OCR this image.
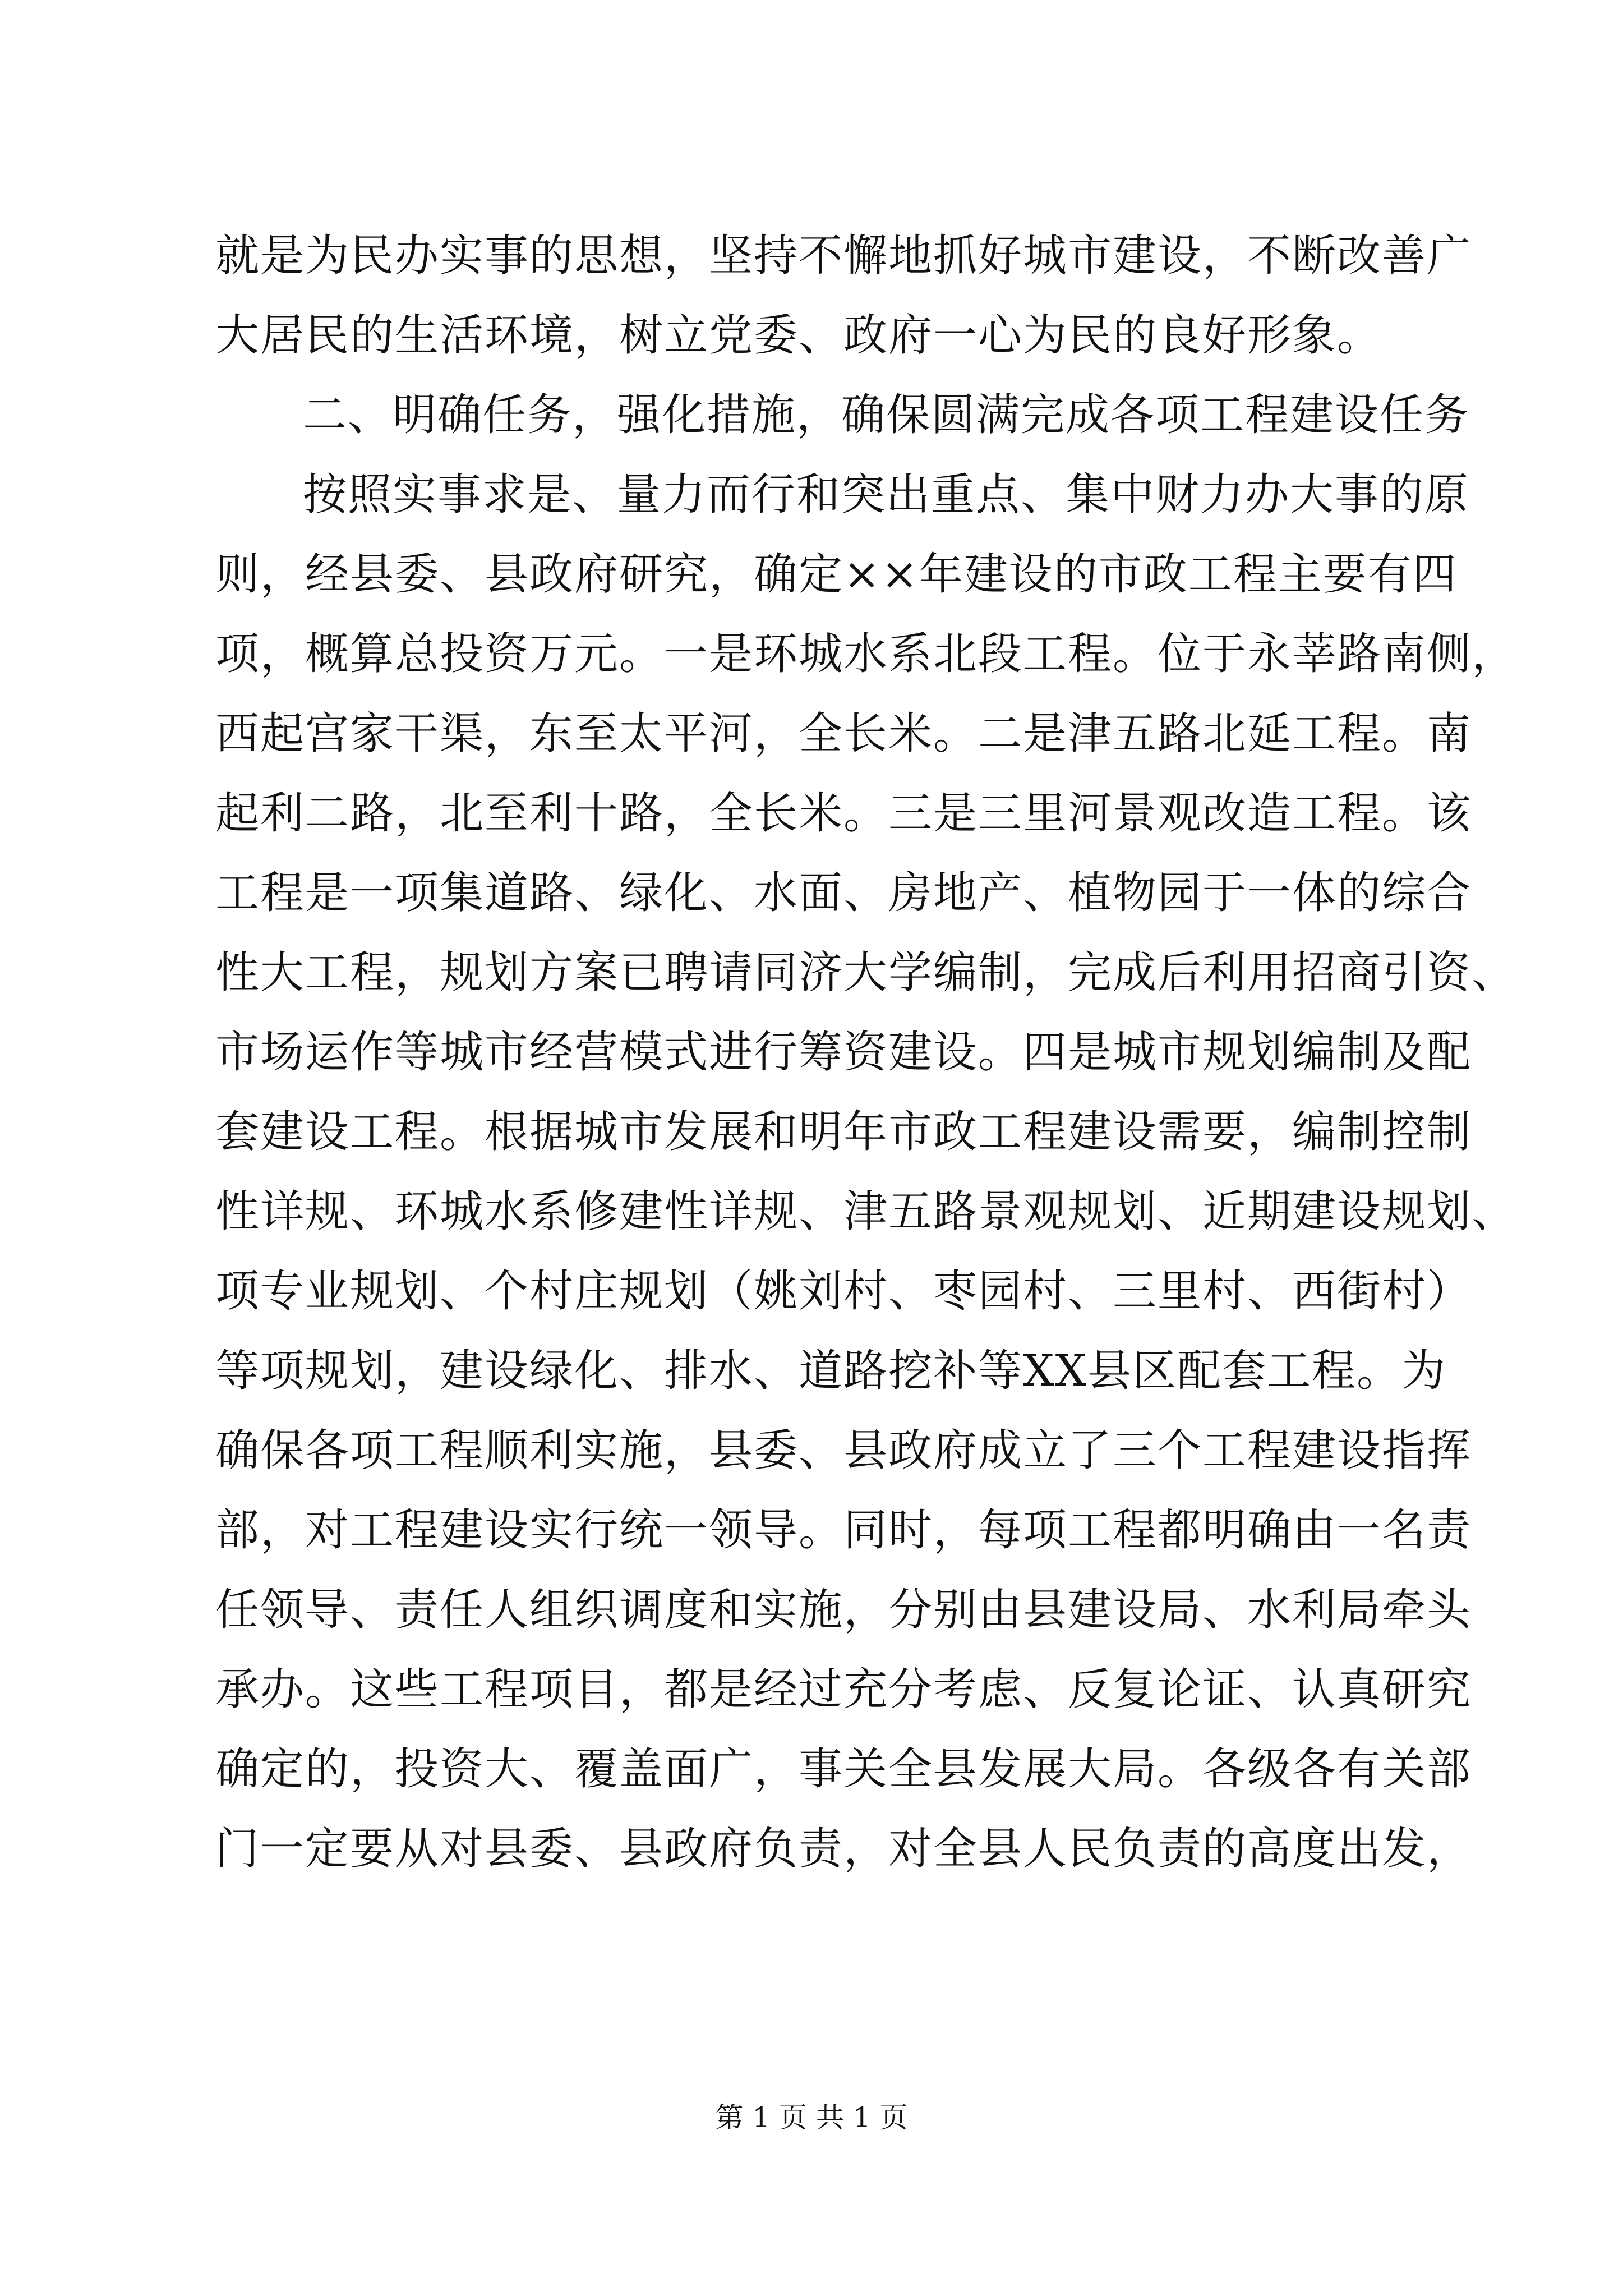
就是为民办实事的思想，坚持不懈地抓好城市建设，不断改善广
大居民的生活环境，树立党委、政府一心为民的良好形象。
二、明确任务，强化措施，确保圆满完成各项工程建设任务
按照实事求是、量力而行和突出重点、集中财力办大事的原
则，经县委、县政府研究，确定××年建设的市政工程主要有四
项，概算总投资万元。一是环城水系北段工程。位于永莘路南侧，
西起宫家干渠，东至太平河，全长米。二是津五路北延工程。南
起利二路，北至利十路，全长米。三是三里河景观改造工程。该
工程是一项集道路、绿化、水面、房地产、植物园于一体的综合
性大工程，规划方案已聘请同济大学编制，完成后利用招商引资、
市场运作等城市经营模式进行筹资建设。四是城市规划编制及配
套建设工程。根据城市发展和明年市政工程建设需要，编制控制
性详规、环城水系修建性详规、津五路景观规划、近期建设规划、
项专业规划、个村庄规划（姚刘村、枣园村、三里村、西街村）
等项规划，建设绿化、排水、道路挖补等XX县区配套工程。为
确保各项工程顺利实施，县委、县政府成立了三个工程建设指挥
部，对工程建设实行统一领导。同时，每项工程都明确由一名责
任领导、责任人组织调度和实施，分别由县建设局、水利局牵头
承办。这些工程项目，都是经过充分考虑、反复论证、认真研究
确定的，投资大、覆盖面广，事关全县发展大局。各级各有关部
门一定要从对县委、县政府负责，对全县人民负责的高度出发，
第 1 页 共 1 页
